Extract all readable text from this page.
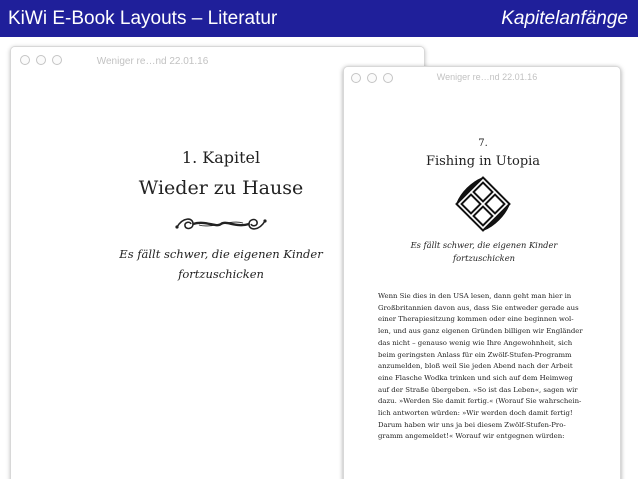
KiWi E-Book Layouts – Literatur	Kapitelanfänge
Weniger re…nd 22.01.16
1. Kapitel
Wieder zu Hause
Es fällt schwer, die eigenen Kinder
fortzuschicken
Weniger re…nd 22.01.16
7.
Fishing in Utopia
Es fällt schwer, die eigenen Kinder
fortzuschicken
Wenn Sie dies in den USA lesen, dann geht man hier in
Großbritannien davon aus, dass Sie entweder gerade aus
einer Therapiesitzung kommen oder eine beginnen wol-
len, und aus ganz eigenen Gründen billigen wir Engländer
das nicht – genauso wenig wie Ihre Angewohnheit, sich
beim geringsten Anlass für ein Zwölf-Stufen-Programm
anzumelden, bloß weil Sie jeden Abend nach der Arbeit
eine Flasche Wodka trinken und sich auf dem Heimweg
auf der Straße übergeben. »So ist das Leben«, sagen wir
dazu. »Werden Sie damit fertig.« (Worauf Sie wahrschein-
lich antworten würden: »Wir werden doch damit fertig!
Darum haben wir uns ja bei diesem Zwölf-Stufen-Pro-
gramm angemeldet!« Worauf wir entgegnen würden:
